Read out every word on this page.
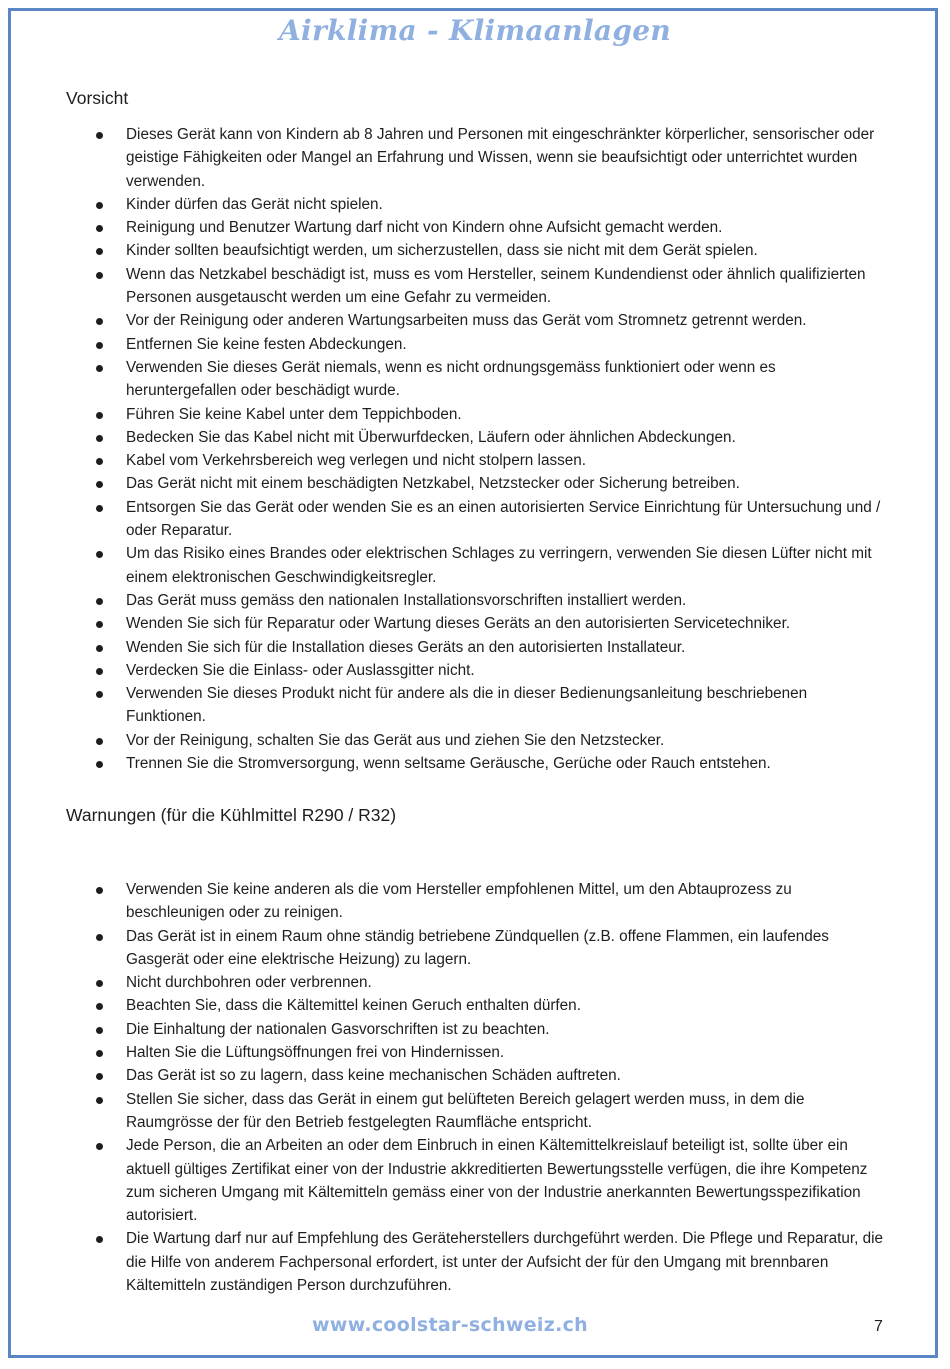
Airklima - Klimaanlagen
Vorsicht
Dieses Gerät kann von Kindern ab 8 Jahren und Personen mit eingeschränkter körperlicher, sensorischer oder geistige Fähigkeiten oder Mangel an Erfahrung und Wissen, wenn sie beaufsichtigt oder unterrichtet wurden verwenden.
Kinder dürfen das Gerät nicht spielen.
Reinigung und Benutzer Wartung darf nicht von Kindern ohne Aufsicht gemacht werden.
Kinder sollten beaufsichtigt werden, um sicherzustellen, dass sie nicht mit dem Gerät spielen.
Wenn das Netzkabel beschädigt ist, muss es vom Hersteller, seinem Kundendienst oder ähnlich qualifizierten Personen ausgetauscht werden um eine Gefahr zu vermeiden.
Vor der Reinigung oder anderen Wartungsarbeiten muss das Gerät vom Stromnetz getrennt werden.
Entfernen Sie keine festen Abdeckungen.
Verwenden Sie dieses Gerät niemals, wenn es nicht ordnungsgemäss funktioniert oder wenn es heruntergefallen oder beschädigt wurde.
Führen Sie keine Kabel unter dem Teppichboden.
Bedecken Sie das Kabel nicht mit Überwurfdecken, Läufern oder ähnlichen Abdeckungen.
Kabel vom Verkehrsbereich weg verlegen und nicht stolpern lassen.
Das Gerät nicht mit einem beschädigten Netzkabel, Netzstecker oder Sicherung betreiben.
Entsorgen Sie das Gerät oder wenden Sie es an einen autorisierten Service Einrichtung für Untersuchung und / oder Reparatur.
Um das Risiko eines Brandes oder elektrischen Schlages zu verringern, verwenden Sie diesen Lüfter nicht mit einem elektronischen Geschwindigkeitsregler.
Das Gerät muss gemäss den nationalen Installationsvorschriften installiert werden.
Wenden Sie sich für Reparatur oder Wartung dieses Geräts an den autorisierten Servicetechniker.
Wenden Sie sich für die Installation dieses Geräts an den autorisierten Installateur.
Verdecken Sie die Einlass- oder Auslassgitter nicht.
Verwenden Sie dieses Produkt nicht für andere als die in dieser Bedienungsanleitung beschriebenen Funktionen.
Vor der Reinigung, schalten Sie das Gerät aus und ziehen Sie den Netzstecker.
Trennen Sie die Stromversorgung, wenn seltsame Geräusche, Gerüche oder Rauch entstehen.
Warnungen (für die Kühlmittel R290 / R32)
Verwenden Sie keine anderen als die vom Hersteller empfohlenen Mittel, um den Abtauprozess zu beschleunigen oder zu reinigen.
Das Gerät ist in einem Raum ohne ständig betriebene Zündquellen (z.B. offene Flammen, ein laufendes Gasgerät oder eine elektrische Heizung) zu lagern.
Nicht durchbohren oder verbrennen.
Beachten Sie, dass die Kältemittel keinen Geruch enthalten dürfen.
Die Einhaltung der nationalen Gasvorschriften ist zu beachten.
Halten Sie die Lüftungsöffnungen frei von Hindernissen.
Das Gerät ist so zu lagern, dass keine mechanischen Schäden auftreten.
Stellen Sie sicher, dass das Gerät in einem gut belüfteten Bereich gelagert werden muss, in dem die Raumgrösse der für den Betrieb festgelegten Raumfläche entspricht.
Jede Person, die an Arbeiten an oder dem Einbruch in einen Kältemittelkreislauf beteiligt ist, sollte über ein aktuell gültiges Zertifikat einer von der Industrie akkreditierten Bewertungsstelle verfügen, die ihre Kompetenz zum sicheren Umgang mit Kältemitteln gemäss einer von der Industrie anerkannten Bewertungsspezifikation autorisiert.
Die Wartung darf nur auf Empfehlung des Geräteherstellers durchgeführt werden. Die Pflege und Reparatur, die die Hilfe von anderem Fachpersonal erfordert, ist unter der Aufsicht der für den Umgang mit brennbaren Kältemitteln zuständigen Person durchzuführen.
www.coolstar-schweiz.ch	7
